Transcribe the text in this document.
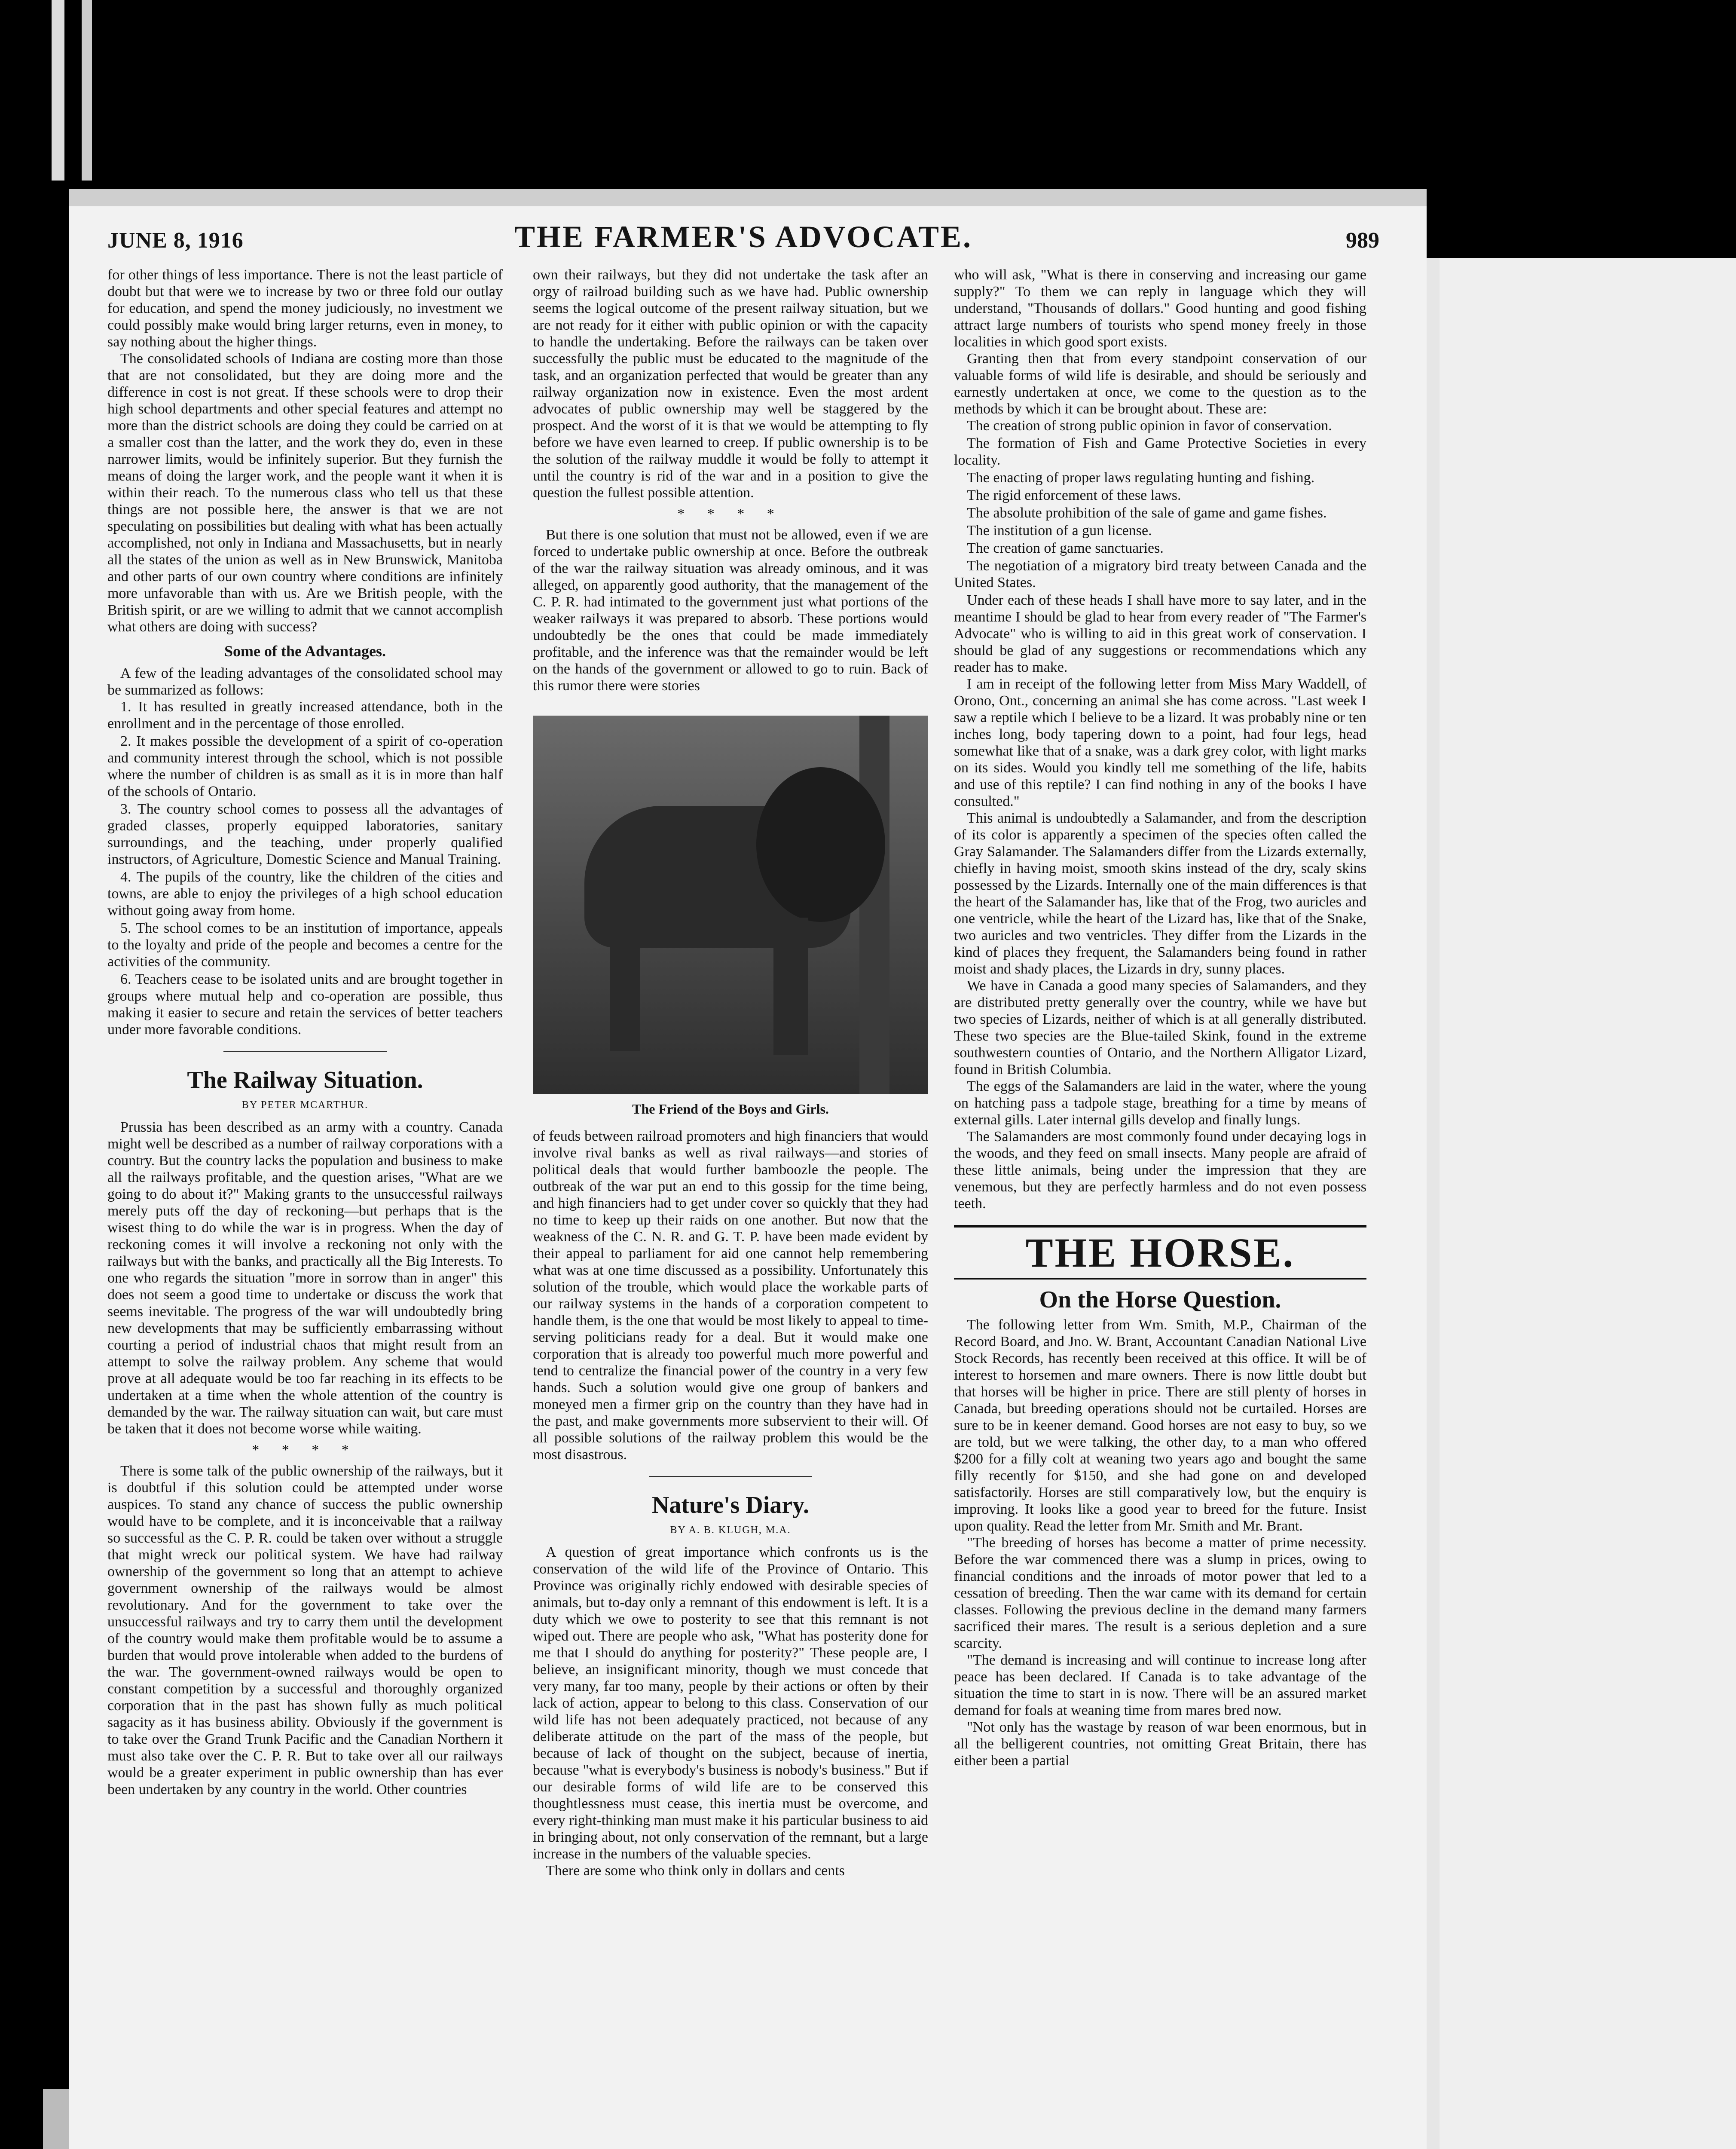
JUNE 8, 1916	THE FARMER'S ADVOCATE.	989

for other things of less importance. There is not the least particle of doubt but that were we to increase by two or three fold our outlay for education, and spend the money judiciously, no investment we could possibly make would bring larger returns, even in money, to say nothing about the higher things.

The consolidated schools of Indiana are costing more than those that are not consolidated, but they are doing more and the difference in cost is not great. If these schools were to drop their high school departments and other special features and attempt no more than the district schools are doing they could be carried on at a smaller cost than the latter, and the work they do, even in these narrower limits, would be infinitely superior. But they furnish the means of doing the larger work, and the people want it when it is within their reach. To the numerous class who tell us that these things are not possible here, the answer is that we are not speculating on possibilities but dealing with what has been actually accomplished, not only in Indiana and Massachusetts, but in nearly all the states of the union as well as in New Brunswick, Manitoba and other parts of our own country where conditions are infinitely more unfavorable than with us. Are we British people, with the British spirit, or are we willing to admit that we cannot accomplish what others are doing with success?

Some of the Advantages.

A few of the leading advantages of the consolidated school may be summarized as follows:

1. It has resulted in greatly increased attendance, both in the enrollment and in the percentage of those enrolled.

2. It makes possible the development of a spirit of co-operation and community interest through the school, which is not possible where the number of children is as small as it is in more than half of the schools of Ontario.

3. The country school comes to possess all the advantages of graded classes, properly equipped laboratories, sanitary surroundings, and the teaching, under properly qualified instructors, of Agriculture, Domestic Science and Manual Training.

4. The pupils of the country, like the children of the cities and towns, are able to enjoy the privileges of a high school education without going away from home.

5. The school comes to be an institution of importance, appeals to the loyalty and pride of the people and becomes a centre for the activities of the community.

6. Teachers cease to be isolated units and are brought together in groups where mutual help and co-operation are possible, thus making it easier to secure and retain the services of better teachers under more favorable conditions.

The Railway Situation.
BY PETER MCARTHUR.

Prussia has been described as an army with a country. Canada might well be described as a number of railway corporations with a country. But the country lacks the population and business to make all the railways profitable, and the question arises, "What are we going to do about it?" Making grants to the unsuccessful railways merely puts off the day of reckoning—but perhaps that is the wisest thing to do while the war is in progress. When the day of reckoning comes it will involve a reckoning not only with the railways but with the banks, and practically all the Big Interests. To one who regards the situation "more in sorrow than in anger" this does not seem a good time to undertake or discuss the work that seems inevitable. The progress of the war will undoubtedly bring new developments that may be sufficiently embarrassing without courting a period of industrial chaos that might result from an attempt to solve the railway problem. Any scheme that would prove at all adequate would be too far reaching in its effects to be undertaken at a time when the whole attention of the country is demanded by the war. The railway situation can wait, but care must be taken that it does not become worse while waiting.

* * * *

There is some talk of the public ownership of the railways, but it is doubtful if this solution could be attempted under worse auspices. To stand any chance of success the public ownership would have to be complete, and it is inconceivable that a railway so successful as the C. P. R. could be taken over without a struggle that might wreck our political system. We have had railway ownership of the government so long that an attempt to achieve government ownership of the railways would be almost revolutionary. And for the government to take over the unsuccessful railways and try to carry them until the development of the country would make them profitable would be to assume a burden that would prove intolerable when added to the burdens of the war. The government-owned railways would be open to constant competition by a successful and thoroughly organized corporation that in the past has shown fully as much political sagacity as it has business ability. Obviously if the government is to take over the Grand Trunk Pacific and the Canadian Northern it must also take over the C. P. R. But to take over all our railways would be a greater experiment in public ownership than has ever been undertaken by any country in the world. Other countries

own their railways, but they did not undertake the task after an orgy of railroad building such as we have had. Public ownership seems the logical outcome of the present railway situation, but we are not ready for it either with public opinion or with the capacity to handle the undertaking. Before the railways can be taken over successfully the public must be educated to the magnitude of the task, and an organization perfected that would be greater than any railway organization now in existence. Even the most ardent advocates of public ownership may well be staggered by the prospect. And the worst of it is that we would be attempting to fly before we have even learned to creep. If public ownership is to be the solution of the railway muddle it would be folly to attempt it until the country is rid of the war and in a position to give the question the fullest possible attention.

* * * *

But there is one solution that must not be allowed, even if we are forced to undertake public ownership at once. Before the outbreak of the war the railway situation was already ominous, and it was alleged, on apparently good authority, that the management of the C. P. R. had intimated to the government just what portions of the weaker railways it was prepared to absorb. These portions would undoubtedly be the ones that could be made immediately profitable, and the inference was that the remainder would be left on the hands of the government or allowed to go to ruin. Back of this rumor there were stories

The Friend of the Boys and Girls.

of feuds between railroad promoters and high financiers that would involve rival banks as well as rival railways—and stories of political deals that would further bamboozle the people. The outbreak of the war put an end to this gossip for the time being, and high financiers had to get under cover so quickly that they had no time to keep up their raids on one another. But now that the weakness of the C. N. R. and G. T. P. have been made evident by their appeal to parliament for aid one cannot help remembering what was at one time discussed as a possibility. Unfortunately this solution of the trouble, which would place the workable parts of our railway systems in the hands of a corporation competent to handle them, is the one that would be most likely to appeal to time-serving politicians ready for a deal. But it would make one corporation that is already too powerful much more powerful and tend to centralize the financial power of the country in a very few hands. Such a solution would give one group of bankers and moneyed men a firmer grip on the country than they have had in the past, and make governments more subservient to their will. Of all possible solutions of the railway problem this would be the most disastrous.

Nature's Diary.
BY A. B. KLUGH, M.A.

A question of great importance which confronts us is the conservation of the wild life of the Province of Ontario. This Province was originally richly endowed with desirable species of animals, but to-day only a remnant of this endowment is left. It is a duty which we owe to posterity to see that this remnant is not wiped out. There are people who ask, "What has posterity done for me that I should do anything for posterity?" These people are, I believe, an insignificant minority, though we must concede that very many, far too many, people by their actions or often by their lack of action, appear to belong to this class. Conservation of our wild life has not been adequately practiced, not because of any deliberate attitude on the part of the mass of the people, but because of lack of thought on the subject, because of inertia, because "what is everybody's business is nobody's business." But if our desirable forms of wild life are to be conserved this thoughtlessness must cease, this inertia must be overcome, and every right-thinking man must make it his particular business to aid in bringing about, not only conservation of the remnant, but a large increase in the numbers of the valuable species.

There are some who think only in dollars and cents

who will ask, "What is there in conserving and increasing our game supply?" To them we can reply in language which they will understand, "Thousands of dollars." Good hunting and good fishing attract large numbers of tourists who spend money freely in those localities in which good sport exists.

Granting then that from every standpoint conservation of our valuable forms of wild life is desirable, and should be seriously and earnestly undertaken at once, we come to the question as to the methods by which it can be brought about. These are:

The creation of strong public opinion in favor of conservation.

The formation of Fish and Game Protective Societies in every locality.

The enacting of proper laws regulating hunting and fishing.

The rigid enforcement of these laws.

The absolute prohibition of the sale of game and game fishes.

The institution of a gun license.

The creation of game sanctuaries.

The negotiation of a migratory bird treaty between Canada and the United States.

Under each of these heads I shall have more to say later, and in the meantime I should be glad to hear from every reader of "The Farmer's Advocate" who is willing to aid in this great work of conservation. I should be glad of any suggestions or recommendations which any reader has to make.

I am in receipt of the following letter from Miss Mary Waddell, of Orono, Ont., concerning an animal she has come across. "Last week I saw a reptile which I believe to be a lizard. It was probably nine or ten inches long, body tapering down to a point, had four legs, head somewhat like that of a snake, was a dark grey color, with light marks on its sides. Would you kindly tell me something of the life, habits and use of this reptile? I can find nothing in any of the books I have consulted."

This animal is undoubtedly a Salamander, and from the description of its color is apparently a specimen of the species often called the Gray Salamander. The Salamanders differ from the Lizards externally, chiefly in having moist, smooth skins instead of the dry, scaly skins possessed by the Lizards. Internally one of the main differences is that the heart of the Salamander has, like that of the Frog, two auricles and one ventricle, while the heart of the Lizard has, like that of the Snake, two auricles and two ventricles. They differ from the Lizards in the kind of places they frequent, the Salamanders being found in rather moist and shady places, the Lizards in dry, sunny places.

We have in Canada a good many species of Salamanders, and they are distributed pretty generally over the country, while we have but two species of Lizards, neither of which is at all generally distributed. These two species are the Blue-tailed Skink, found in the extreme southwestern counties of Ontario, and the Northern Alligator Lizard, found in British Columbia.

The eggs of the Salamanders are laid in the water, where the young on hatching pass a tadpole stage, breathing for a time by means of external gills. Later internal gills develop and finally lungs.

The Salamanders are most commonly found under decaying logs in the woods, and they feed on small insects. Many people are afraid of these little animals, being under the impression that they are venemous, but they are perfectly harmless and do not even possess teeth.

THE HORSE.
On the Horse Question.

The following letter from Wm. Smith, M.P., Chairman of the Record Board, and Jno. W. Brant, Accountant Canadian National Live Stock Records, has recently been received at this office. It will be of interest to horsemen and mare owners. There is now little doubt but that horses will be higher in price. There are still plenty of horses in Canada, but breeding operations should not be curtailed. Horses are sure to be in keener demand. Good horses are not easy to buy, so we are told, but we were talking, the other day, to a man who offered $200 for a filly colt at weaning two years ago and bought the same filly recently for $150, and she had gone on and developed satisfactorily. Horses are still comparatively low, but the enquiry is improving. It looks like a good year to breed for the future. Insist upon quality. Read the letter from Mr. Smith and Mr. Brant.

"The breeding of horses has become a matter of prime necessity. Before the war commenced there was a slump in prices, owing to financial conditions and the inroads of motor power that led to a cessation of breeding. Then the war came with its demand for certain classes. Following the previous decline in the demand many farmers sacrificed their mares. The result is a serious depletion and a sure scarcity.

"The demand is increasing and will continue to increase long after peace has been declared. If Canada is to take advantage of the situation the time to start in is now. There will be an assured market demand for foals at weaning time from mares bred now.

"Not only has the wastage by reason of war been enormous, but in all the belligerent countries, not omitting Great Britain, there has either been a partial
